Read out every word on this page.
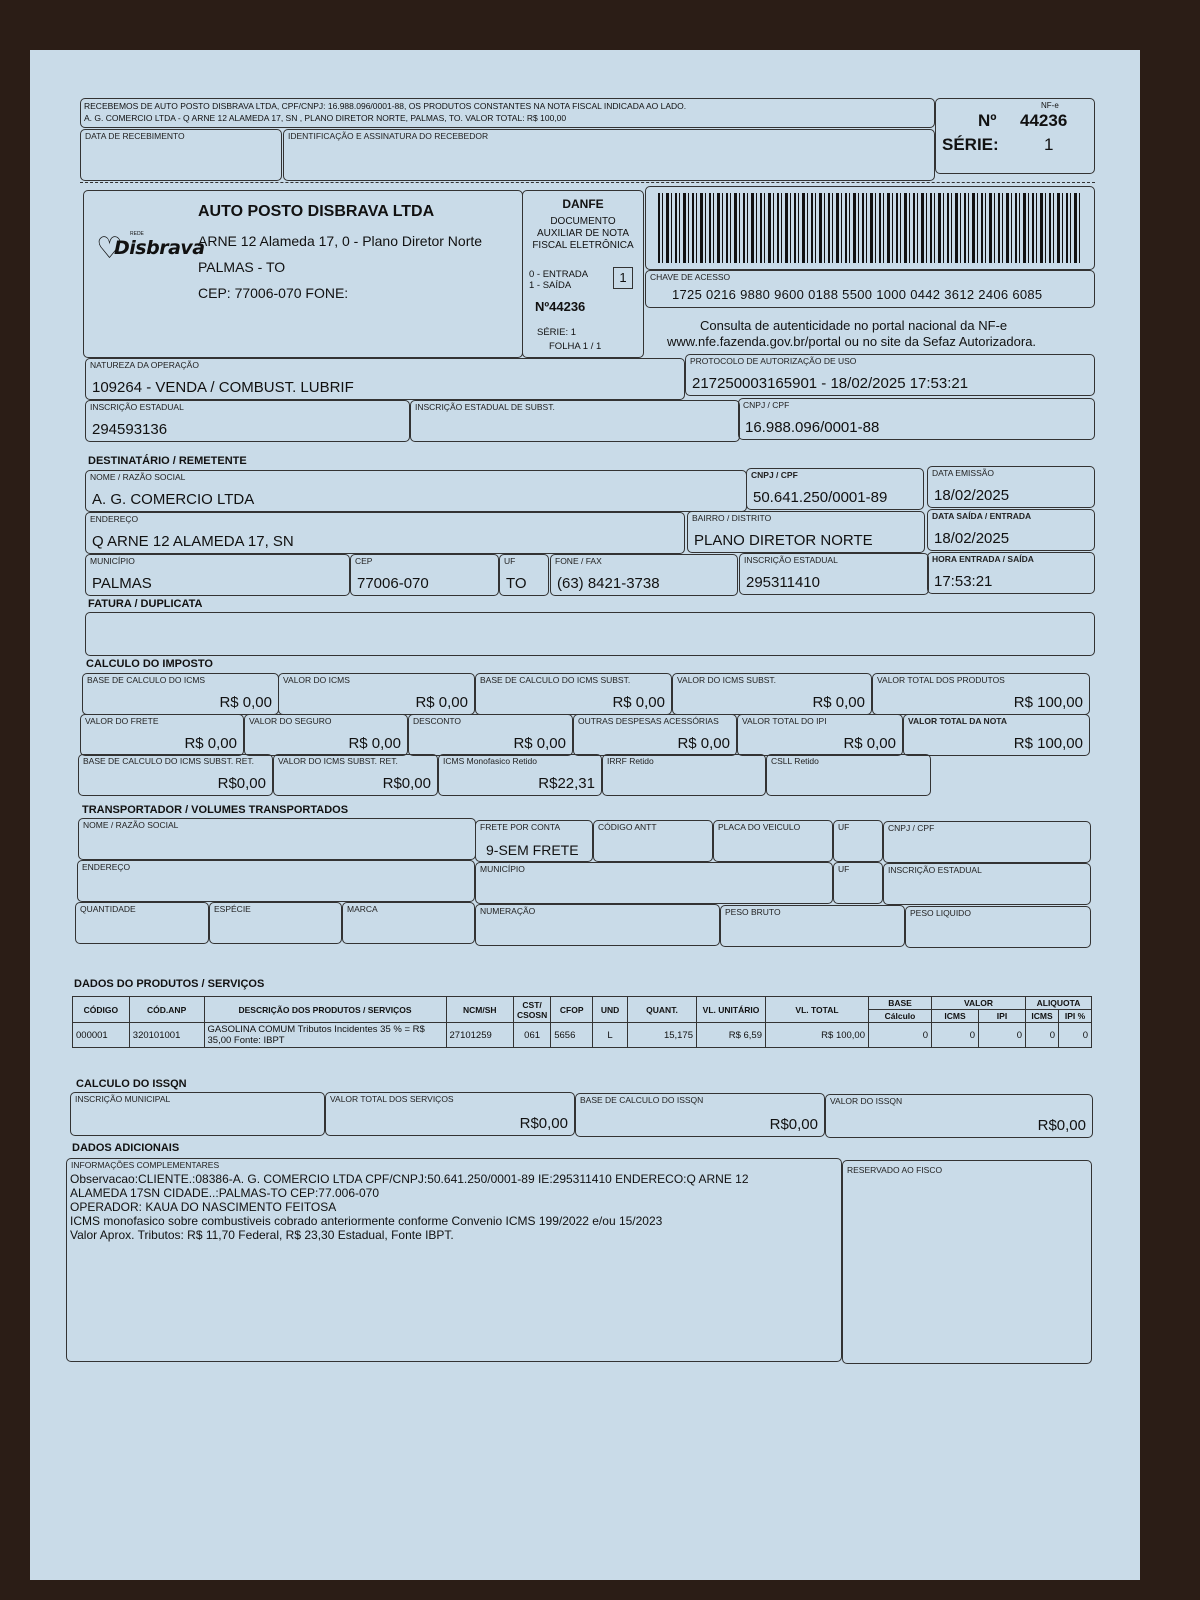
RECEBEMOS DE AUTO POSTO DISBRAVA LTDA, CPF/CNPJ: 16.988.096/0001-88, OS PRODUTOS CONSTANTES NA NOTA FISCAL INDICADA AO LADO.
A. G. COMERCIO LTDA - Q ARNE 12 ALAMEDA 17, SN , PLANO DIRETOR NORTE, PALMAS, TO. VALOR TOTAL: R$ 100,00
DATA DE RECEBIMENTO	IDENTIFICAÇÃO E ASSINATURA DO RECEBEDOR
NF-e
Nº 44236
SÉRIE:	1
♡ REDE
Disbrava
AUTO POSTO DISBRAVA LTDA
ARNE 12 Alameda 17, 0 - Plano Diretor Norte
PALMAS - TO
CEP: 77006-070 FONE:
DANFE
DOCUMENTO
AUXILIAR DE NOTA
FISCAL ELETRÔNICA
0 - ENTRADA
1 - SAÍDA
1
Nº44236
SÉRIE: 1
FOLHA 1 / 1
CHAVE DE ACESSO
1725 0216 9880 9600 0188 5500 1000 0442 3612 2406 6085
Consulta de autenticidade no portal nacional da NF-e
www.nfe.fazenda.gov.br/portal ou no site da Sefaz Autorizadora.
NATUREZA DA OPERAÇÃO
109264 - VENDA / COMBUST. LUBRIF
PROTOCOLO DE AUTORIZAÇÃO DE USO
217250003165901 - 18/02/2025 17:53:21
INSCRIÇÃO ESTADUAL
294593136
INSCRIÇÃO ESTADUAL DE SUBST.	CNPJ / CPF
16.988.096/0001-88
DESTINATÁRIO / REMETENTE
NOME / RAZÃO SOCIAL
A. G. COMERCIO LTDA
CNPJ / CPF
50.641.250/0001-89
DATA EMISSÃO
18/02/2025
ENDEREÇO
Q ARNE 12 ALAMEDA 17, SN
BAIRRO / DISTRITO
PLANO DIRETOR NORTE
DATA SAÍDA / ENTRADA
18/02/2025
MUNICÍPIO
PALMAS
CEP
77006-070
UF
TO
FONE / FAX
(63) 8421-3738
INSCRIÇÃO ESTADUAL
295311410
HORA ENTRADA / SAÍDA
17:53:21
FATURA / DUPLICATA
CALCULO DO IMPOSTO
BASE DE CALCULO DO ICMS
R$ 0,00
VALOR DO ICMS
R$ 0,00
BASE DE CALCULO DO ICMS SUBST.
R$ 0,00
VALOR DO ICMS SUBST.
R$ 0,00
VALOR TOTAL DOS PRODUTOS
R$ 100,00
VALOR DO FRETE
R$ 0,00
VALOR DO SEGURO
R$ 0,00
DESCONTO
R$ 0,00
OUTRAS DESPESAS ACESSÓRIAS
R$ 0,00
VALOR TOTAL DO IPI
R$ 0,00
VALOR TOTAL DA NOTA
R$ 100,00
BASE DE CALCULO DO ICMS SUBST. RET.
R$0,00
VALOR DO ICMS SUBST. RET.
R$0,00
ICMS Monofasico Retido
R$22,31
IRRF Retido	CSLL Retido
TRANSPORTADOR / VOLUMES TRANSPORTADOS
NOME / RAZÃO SOCIAL	FRETE POR CONTA
9-SEM FRETE
CÓDIGO ANTT	PLACA DO VEICULO	UF	CNPJ / CPF
ENDEREÇO	MUNICÍPIO	UF	INSCRIÇÃO ESTADUAL
QUANTIDADE	ESPÉCIE	MARCA	NUMERAÇÃO	PESO BRUTO	PESO LIQUIDO
DADOS DO PRODUTOS / SERVIÇOS
CÓDIGO	CÓD.ANP	DESCRIÇÃO DOS PRODUTOS / SERVIÇOS	NCM/SH	CST/ CSOSN	CFOP	UND	QUANT.	VL. UNITÁRIO	VL. TOTAL	BASE	VALOR		ALIQUOTA	
										Cálculo	ICMS	IPI	ICMS	IPI %
000001	320101001	GASOLINA COMUM Tributos Incidentes 35 % = R$ 35,00 Fonte: IBPT	27101259	061	5656	L	15,175	R$ 6,59	R$ 100,00	0	0	0	0	0
CALCULO DO ISSQN
INSCRIÇÃO MUNICIPAL	VALOR TOTAL DOS SERVIÇOS
R$0,00
BASE DE CALCULO DO ISSQN
R$0,00
VALOR DO ISSQN
R$0,00
DADOS ADICIONAIS
INFORMAÇÕES COMPLEMENTARES
Observacao:CLIENTE.:08386-A. G. COMERCIO LTDA CPF/CNPJ:50.641.250/0001-89 IE:295311410 ENDERECO:Q ARNE 12
ALAMEDA 17SN CIDADE..:PALMAS-TO CEP:77.006-070
OPERADOR: KAUA DO NASCIMENTO FEITOSA
ICMS monofasico sobre combustiveis cobrado anteriormente conforme Convenio ICMS 199/2022 e/ou 15/2023
Valor Aprox. Tributos: R$ 11,70 Federal, R$ 23,30 Estadual, Fonte IBPT.
RESERVADO AO FISCO
